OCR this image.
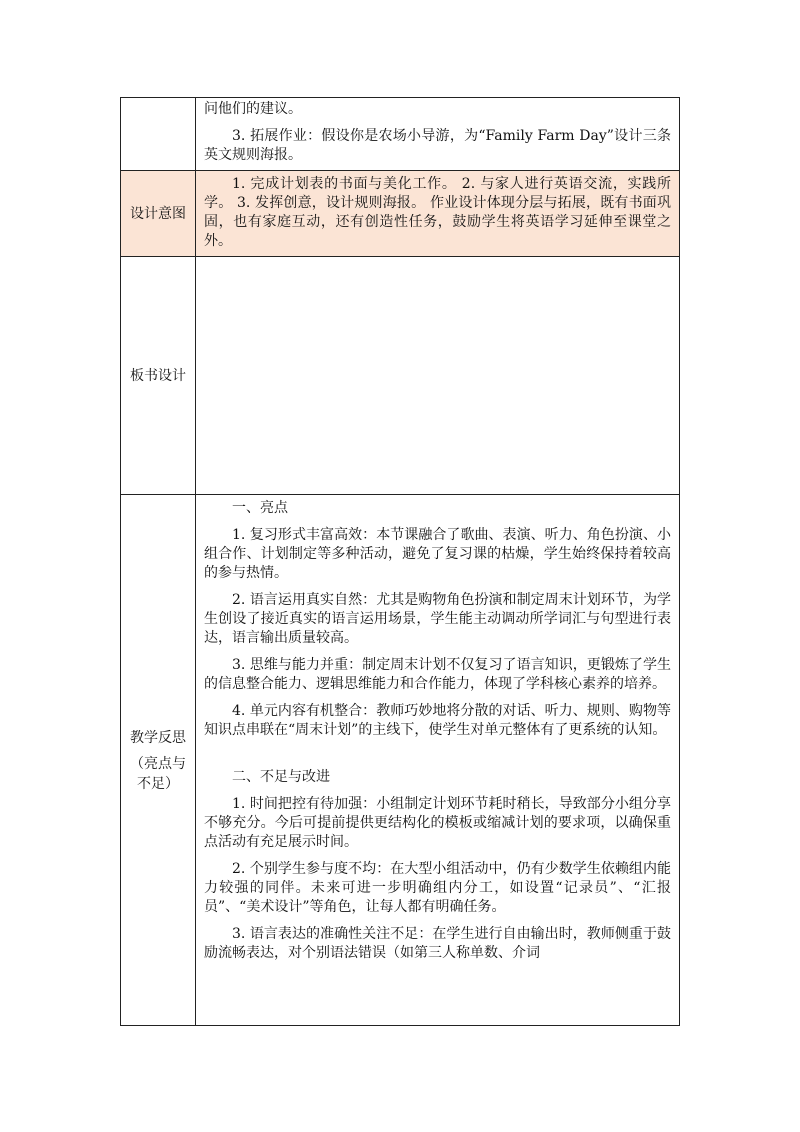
问他们的建议。

3. 拓展作业：假设你是农场小导游，为“Family Farm Day”设计三条英文规则海报。

设计意图

1. 完成计划表的书面与美化工作。 2. 与家人进行英语交流，实践所学。 3. 发挥创意，设计规则海报。 作业设计体现分层与拓展，既有书面巩固，也有家庭互动，还有创造性任务，鼓励学生将英语学习延伸至课堂之外。

板书设计
教学反思
（亮点与不足）

一、亮点

1. 复习形式丰富高效：本节课融合了歌曲、表演、听力、角色扮演、小组合作、计划制定等多种活动，避免了复习课的枯燥，学生始终保持着较高的参与热情。

2. 语言运用真实自然：尤其是购物角色扮演和制定周末计划环节，为学生创设了接近真实的语言运用场景，学生能主动调动所学词汇与句型进行表达，语言输出质量较高。

3. 思维与能力并重：制定周末计划不仅复习了语言知识，更锻炼了学生的信息整合能力、逻辑思维能力和合作能力，体现了学科核心素养的培养。

4. 单元内容有机整合：教师巧妙地将分散的对话、听力、规则、购物等知识点串联在“周末计划”的主线下，使学生对单元整体有了更系统的认知。

二、不足与改进

1. 时间把控有待加强：小组制定计划环节耗时稍长，导致部分小组分享不够充分。今后可提前提供更结构化的模板或缩减计划的要求项，以确保重点活动有充足展示时间。

2. 个别学生参与度不均：在大型小组活动中，仍有少数学生依赖组内能力较强的同伴。未来可进一步明确组内分工，如设置“记录员”、“汇报员”、“美术设计”等角色，让每人都有明确任务。

3. 语言表达的准确性关注不足：在学生进行自由输出时，教师侧重于鼓励流畅表达，对个别语法错误（如第三人称单数、介词
